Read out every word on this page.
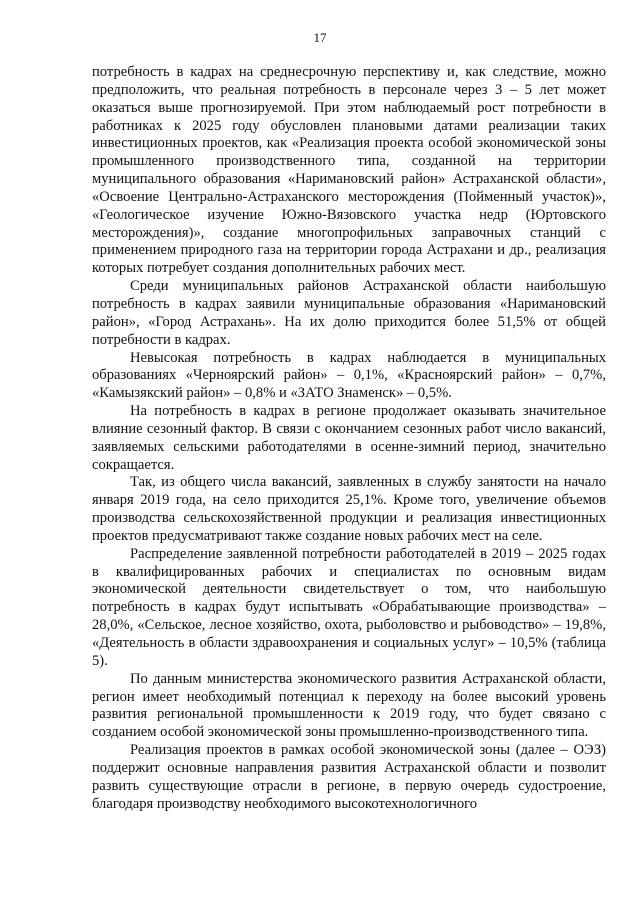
17

потребность в кадрах на среднесрочную перспективу и, как следствие, можно предположить, что реальная потребность в персонале через 3 – 5 лет может оказаться выше прогнозируемой. При этом наблюдаемый рост потребности в работниках к 2025 году обусловлен плановыми датами реализации таких инвестиционных проектов, как «Реализация проекта особой экономической зоны промышленного производственного типа, созданной на территории муниципального образования «Наримановский район» Астраханской области», «Освоение Центрально-Астраханского месторождения (Пойменный участок)», «Геологическое изучение Южно-Вязовского участка недр (Юртовского месторождения)», создание многопрофильных заправочных станций с применением природного газа на территории города Астрахани и др., реализация которых потребует создания дополнительных рабочих мест.

Среди муниципальных районов Астраханской области наибольшую потребность в кадрах заявили муниципальные образования «Наримановский район», «Город Астрахань». На их долю приходится более 51,5% от общей потребности в кадрах.

Невысокая потребность в кадрах наблюдается в муниципальных образованиях «Черноярский район» – 0,1%, «Красноярский район» – 0,7%, «Камызякский район» – 0,8% и «ЗАТО Знаменск» – 0,5%.

На потребность в кадрах в регионе продолжает оказывать значительное влияние сезонный фактор. В связи с окончанием сезонных работ число вакансий, заявляемых сельскими работодателями в осенне-зимний период, значительно сокращается.

Так, из общего числа вакансий, заявленных в службу занятости на начало января 2019 года, на село приходится 25,1%. Кроме того, увеличение объемов производства сельскохозяйственной продукции и реализация инвестиционных проектов предусматривают также создание новых рабочих мест на селе.

Распределение заявленной потребности работодателей в 2019 – 2025 годах в квалифицированных рабочих и специалистах по основным видам экономической деятельности свидетельствует о том, что наибольшую потребность в кадрах будут испытывать «Обрабатывающие производства» – 28,0%, «Сельское, лесное хозяйство, охота, рыболовство и рыбоводство» – 19,8%, «Деятельность в области здравоохранения и социальных услуг» – 10,5% (таблица 5).

По данным министерства экономического развития Астраханской области, регион имеет необходимый потенциал к переходу на более высокий уровень развития региональной промышленности к 2019 году, что будет связано с созданием особой экономической зоны промышленно-производственного типа.

Реализация проектов в рамках особой экономической зоны (далее – ОЭЗ) поддержит основные направления развития Астраханской области и позволит развить существующие отрасли в регионе, в первую очередь судостроение, благодаря производству необходимого высокотехнологичного
